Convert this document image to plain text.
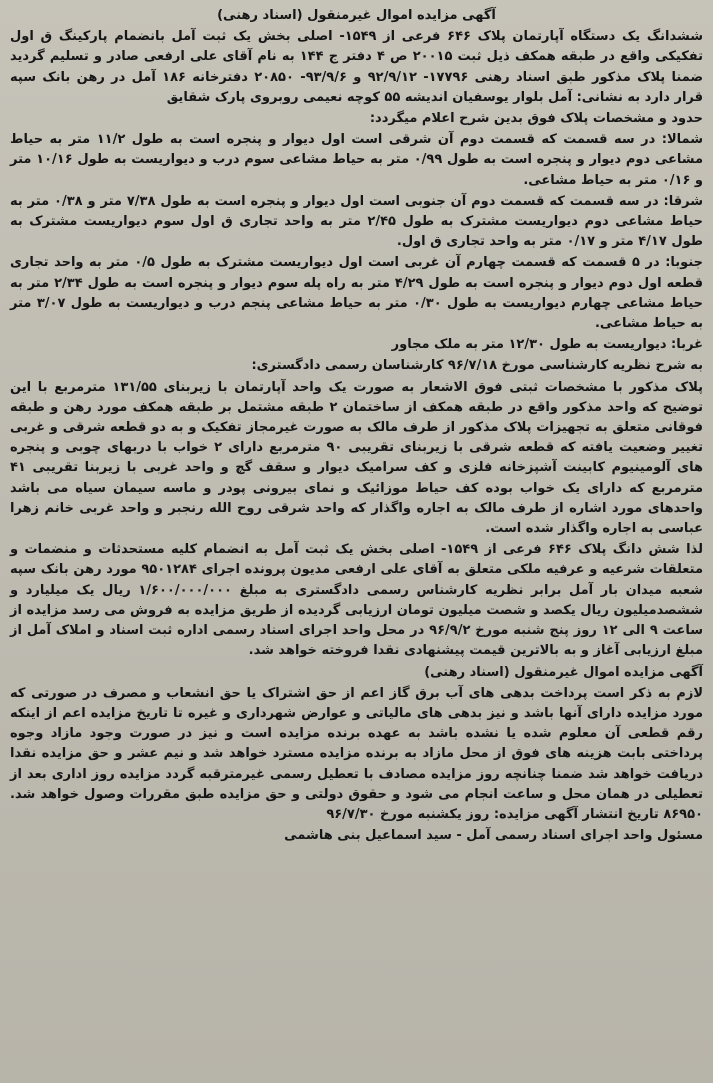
آگهی مزایده اموال غیرمنقول (اسناد رهنی)
ششدانگ یک دستگاه آپارتمان پلاک ۶۴۶ فرعی از ۱۵۴۹- اصلی بخش یک ثبت آمل بانضمام پارکینگ ق اول تفکیکی واقع در طبقه همکف ذیل ثبت ۲۰۰۱۵ ص ۴ دفتر ج ۱۴۴ به نام آقای علی ارفعی صادر و تسلیم گردید ضمنا پلاک مذکور طبق اسناد رهنی ۱۷۷۹۶- ۹۲/۹/۱۲ و ۹۳/۹/۶- ۲۰۸۵۰ دفترخانه ۱۸۶ آمل در رهن بانک سپه قرار دارد به نشانی: آمل بلوار یوسفیان اندیشه ۵۵ کوچه نعیمی روبروی پارک شقایق
حدود و مشخصات پلاک فوق بدین شرح اعلام میگردد:
شمالا: در سه قسمت که قسمت دوم آن شرقی است اول دیوار و پنجره است به طول ۱۱/۲ متر به حیاط مشاعی دوم دیوار و پنجره است به طول ۰/۹۹ متر به حیاط مشاعی سوم درب و دیواریست به طول ۱۰/۱۶ متر و ۰/۱۶ متر به حیاط مشاعی.
شرقا: در سه قسمت که قسمت دوم آن جنوبی است اول دیوار و پنجره است به طول ۷/۳۸ متر و ۰/۳۸ متر به حیاط مشاعی دوم دیواریست مشترک به طول ۲/۴۵ متر به واحد تجاری ق اول سوم دیواریست مشترک به طول ۴/۱۷ متر و ۰/۱۷ متر به واحد تجاری ق اول.
جنوبا: در ۵ قسمت که قسمت چهارم آن غربی است اول دیواریست مشترک به طول ۰/۵ متر به واحد تجاری قطعه اول دوم دیوار و پنجره است به طول ۴/۲۹ متر به راه پله سوم دیوار و پنجره است به طول ۲/۳۴ متر به حیاط مشاعی چهارم دیواریست به طول ۰/۳۰ متر به حیاط مشاعی پنجم درب و دیواریست به طول ۳/۰۷ متر به حیاط مشاعی.
غربا: دیواریست به طول ۱۲/۳۰ متر به ملک مجاور
به شرح نظریه کارشناسی مورخ ۹۶/۷/۱۸ کارشناسان رسمی دادگستری:
پلاک مذکور با مشخصات ثبتی فوق الاشعار به صورت یک واحد آپارتمان با زیربنای ۱۳۱/۵۵ مترمربع با این توضیح که واحد مذکور واقع در طبقه همکف از ساختمان ۲ طبقه مشتمل بر طبقه همکف مورد رهن و طبقه فوقانی متعلق به تجهیزات پلاک مذکور از طرف مالک به صورت غیرمجاز تفکیک و به دو قطعه شرقی و غربی تغییر وضعیت یافته که قطعه شرقی با زیربنای تقریبی ۹۰ مترمربع دارای ۲ خواب با دربهای چوبی و پنجره های آلومینیوم کابینت آشپزخانه فلزی و کف سرامیک دیوار و سقف گچ و واحد غربی با زیربنا تقریبی ۴۱ مترمربع که دارای یک خواب بوده کف حیاط موزائیک و نمای بیرونی پودر و ماسه سیمان سیاه می باشد واحدهای مورد اشاره از طرف مالک به اجاره واگذار که واحد شرقی روح الله رنجبر و واحد غربی خانم زهرا عباسی به اجاره واگذار شده است.
لذا شش دانگ پلاک ۶۴۶ فرعی از ۱۵۴۹- اصلی بخش یک ثبت آمل به انضمام کلیه مستحدثات و منضمات و متعلقات شرعیه و عرفیه ملکی متعلق به آقای علی ارفعی مدیون پرونده اجرای ۹۵۰۱۲۸۴ مورد رهن بانک سپه شعبه میدان بار آمل برابر نظریه کارشناس رسمی دادگستری به مبلغ ۱/۶۰۰/۰۰۰/۰۰۰ ریال یک میلیارد و ششصدمیلیون ریال یکصد و شصت میلیون تومان ارزیابی گردیده از طریق مزایده به فروش می رسد مزایده از ساعت ۹ الی ۱۲ روز پنج شنبه مورخ ۹۶/۹/۲ در محل واحد اجرای اسناد رسمی اداره ثبت اسناد و املاک آمل از مبلغ ارزیابی آغاز و به بالاترین قیمت پیشنهادی نقدا فروخته خواهد شد.
آگهی مزایده اموال غیرمنقول (اسناد رهنی)
لازم به ذکر است پرداخت بدهی های آب برق گاز اعم از حق اشتراک یا حق انشعاب و مصرف در صورتی که مورد مزایده دارای آنها باشد و نیز بدهی های مالیاتی و عوارض شهرداری و غیره تا تاریخ مزایده اعم از اینکه رقم قطعی آن معلوم شده یا نشده باشد به عهده برنده مزایده است و نیز در صورت وجود مازاد وجوه پرداختی بابت هزینه های فوق از محل مازاد به برنده مزایده مسترد خواهد شد و نیم عشر و حق مزایده نقدا دریافت خواهد شد ضمنا چنانچه روز مزایده مصادف با تعطیل رسمی غیرمترقبه گردد مزایده روز اداری بعد از تعطیلی در همان محل و ساعت انجام می شود و حقوق دولتی و حق مزایده طبق مقررات وصول خواهد شد. ۸۶۹۵۰ تاریخ انتشار آگهی مزایده: روز یکشنبه مورخ ۹۶/۷/۳۰
مسئول واحد اجرای اسناد رسمی آمل - سید اسماعیل بنی هاشمی
